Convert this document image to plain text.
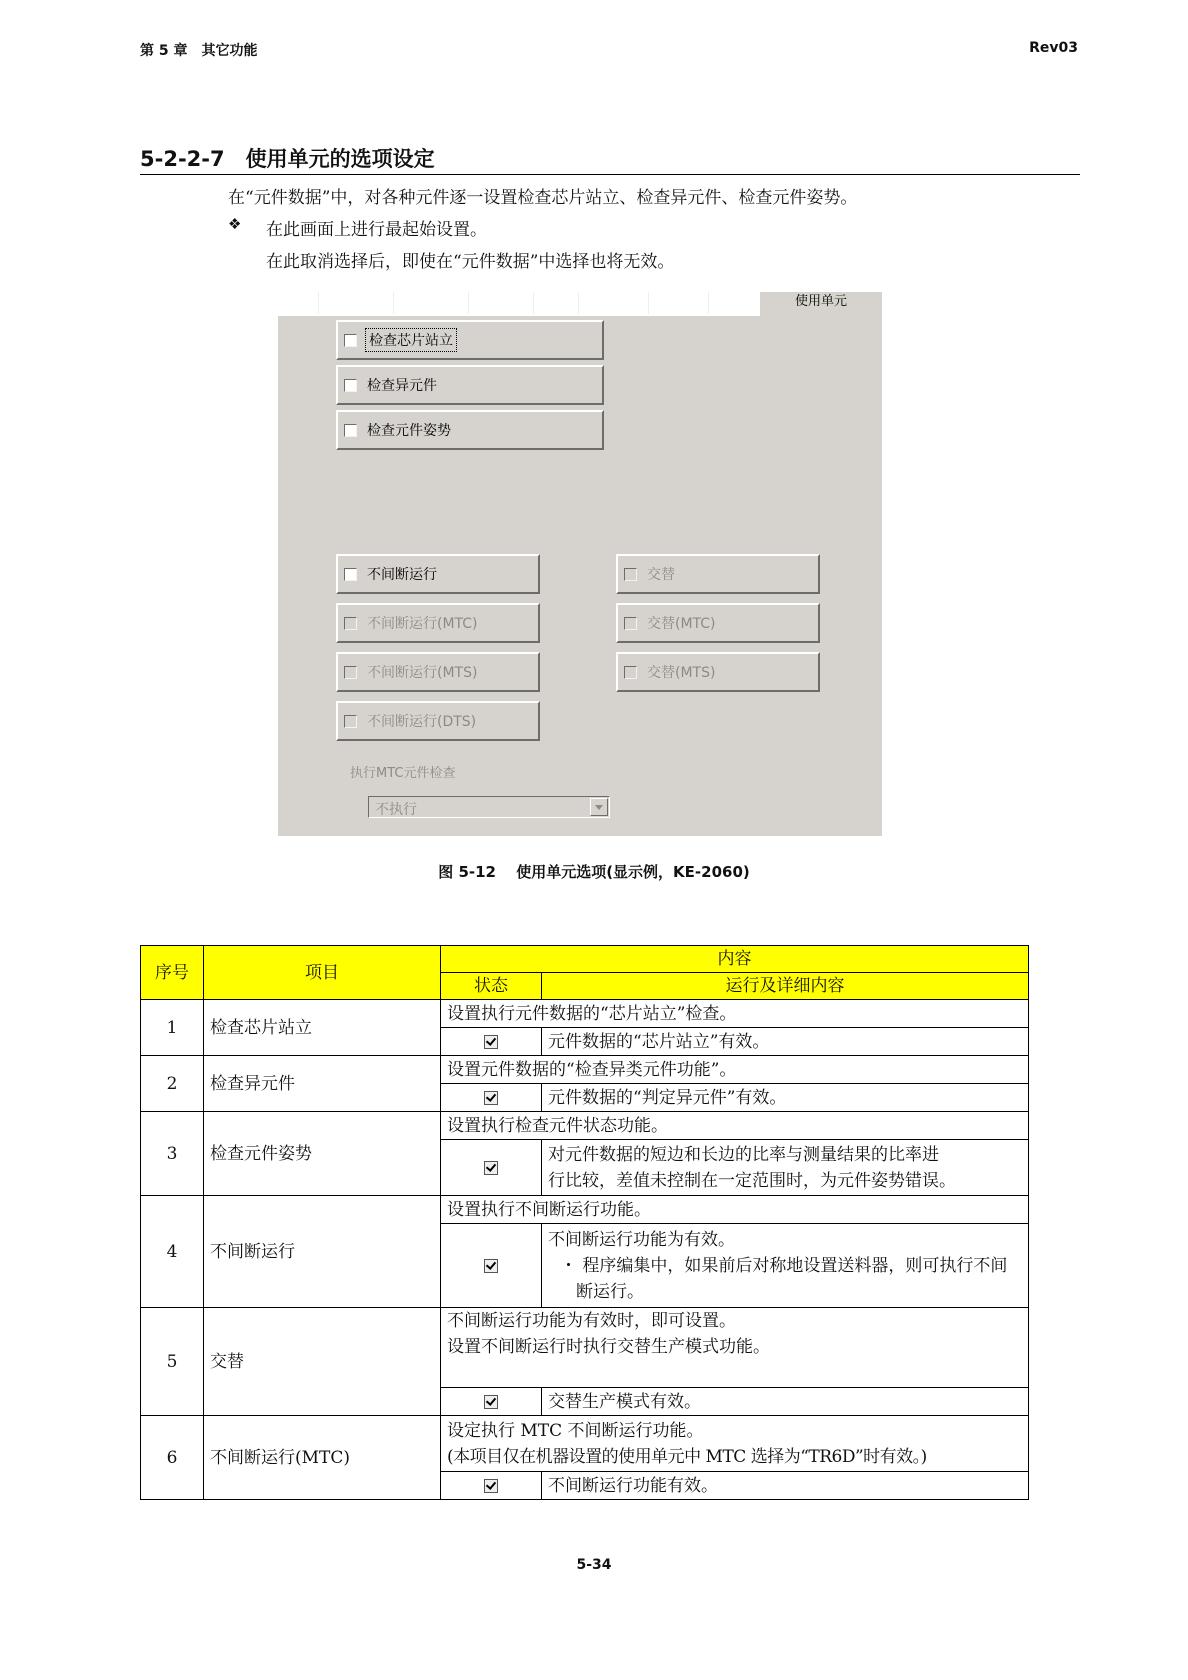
第 5 章　其它功能	Rev03
5-2-2-7　使用单元的选项设定
在“元件数据”中，对各种元件逐一设置检查芯片站立、检查异元件、检查元件姿势。
❖ 在此画面上进行最起始设置。
在此取消选择后，即使在“元件数据”中选择也将无效。
使用单元
检查芯片站立
检查异元件
检查元件姿势
不间断运行
不间断运行(MTC)
不间断运行(MTS)
不间断运行(DTS)
交替
交替(MTC)
交替(MTS)
执行MTC元件检查
不执行
图 5-12　 使用单元选项(显示例，KE-2060)
序号	项目	内容	
		状态	运行及详细内容
1	检查芯片站立	设置执行元件数据的“芯片站立”检查。	
			元件数据的“芯片站立”有效。
2	检查异元件	设置元件数据的“检查异类元件功能”。	
			元件数据的“判定异元件”有效。
3	检查元件姿势	设置执行检查元件状态功能。	

			对元件数据的短边和长边的比率与测量结果的比率进
行比较，差值未控制在一定范围时，为元件姿势错误。

4	不间断运行	设置执行不间断运行功能。	

			不间断运行功能为有效。
・ 程序编集中，如果前后对称地设置送料器，则可执行不间断运行。

5	交替	不间断运行功能为有效时，即可设置。
设置不间断运行时执行交替生产模式功能。	

			交替生产模式有效。
6	不间断运行(MTC)	设定执行 MTC 不间断运行功能。
(本项目仅在机器设置的使用单元中 MTC 选择为“TR6D”时有效。)	

			不间断运行功能有效。
5-34
